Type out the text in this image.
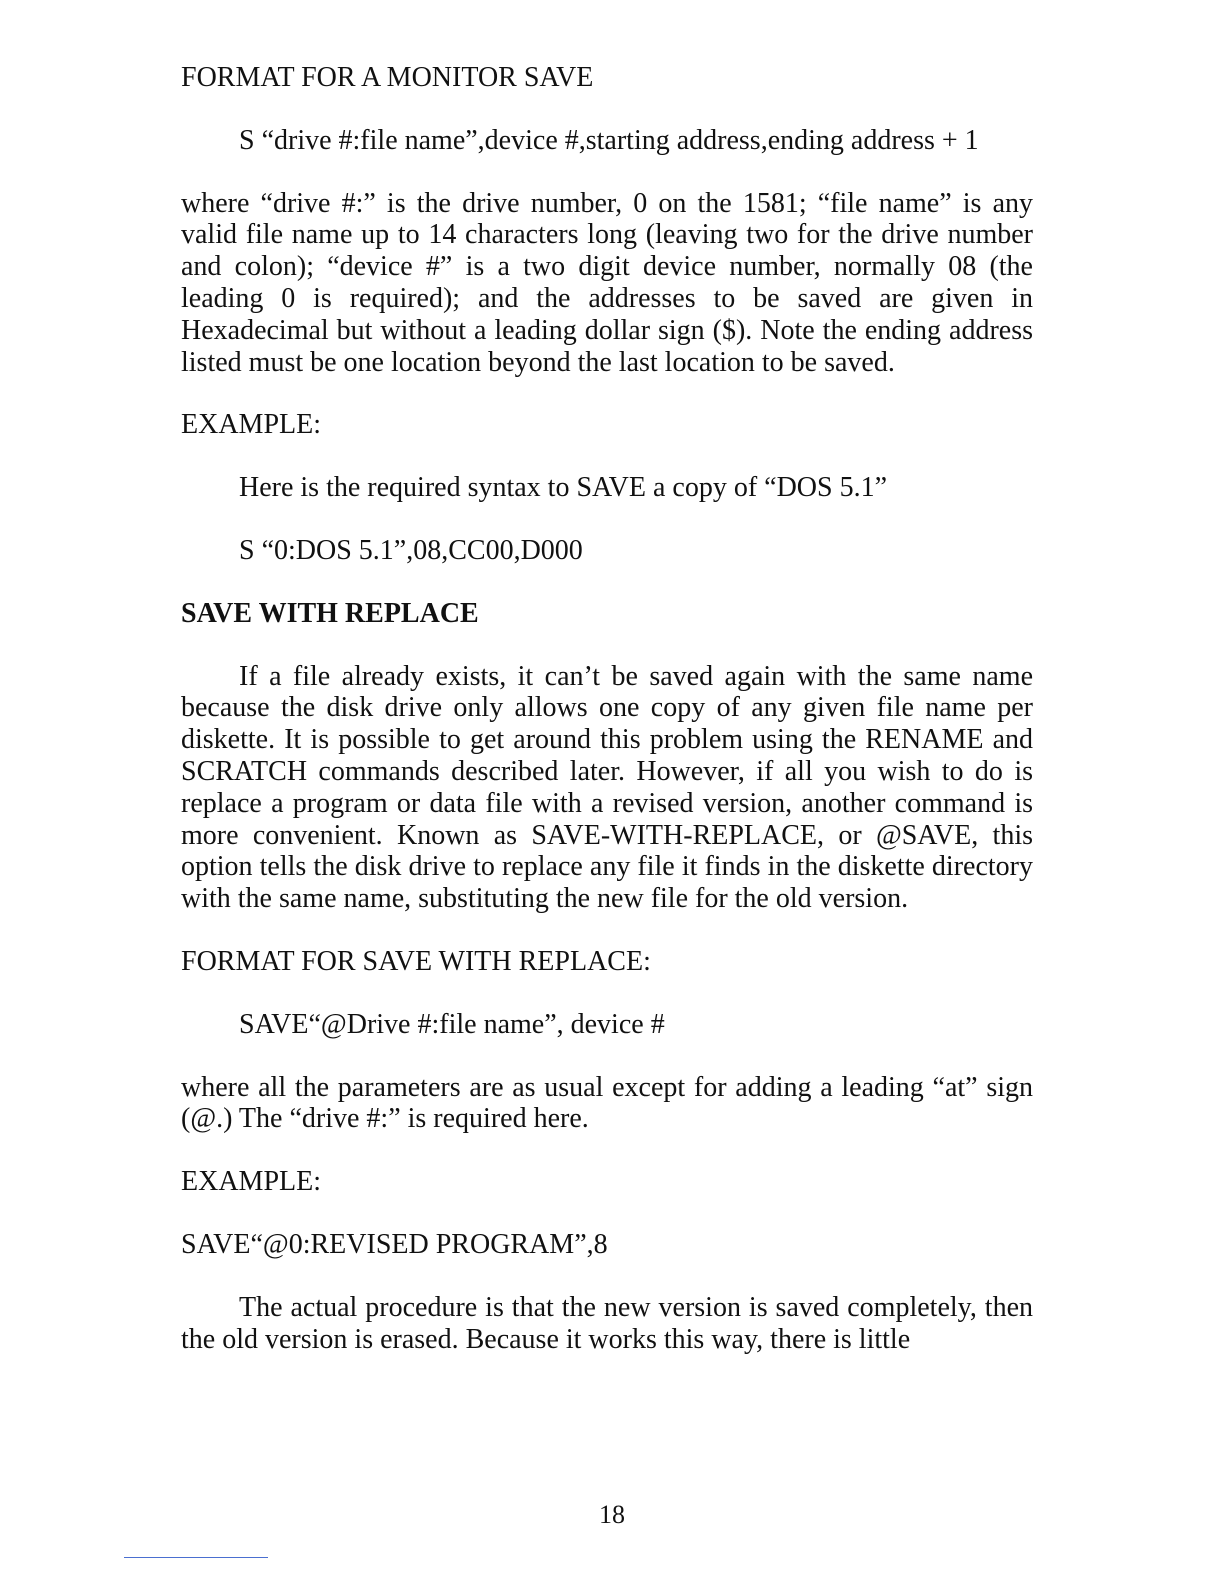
FORMAT FOR A MONITOR SAVE

S “drive #:file name”,device #,starting address,ending address + 1

where “drive #:” is the drive number, 0 on the 1581; “file name” is any valid file name up to 14 characters long (leaving two for the drive number and colon); “device #” is a two digit device number, normally 08 (the leading 0 is required); and the addresses to be saved are given in Hexadecimal but without a leading dollar sign ($). Note the ending address listed must be one location beyond the last location to be saved.

EXAMPLE:

Here is the required syntax to SAVE a copy of “DOS 5.1”

S “0:DOS 5.1”,08,CC00,D000

SAVE WITH REPLACE

If a file already exists, it can’t be saved again with the same name because the disk drive only allows one copy of any given file name per diskette. It is possible to get around this problem using the RENAME and SCRATCH commands described later. However, if all you wish to do is replace a program or data file with a revised version, another command is more convenient. Known as SAVE-WITH-REPLACE, or @SAVE, this option tells the disk drive to replace any file it finds in the diskette directory with the same name, substituting the new file for the old version.

FORMAT FOR SAVE WITH REPLACE:

SAVE“@Drive #:file name”, device #

where all the parameters are as usual except for adding a leading “at” sign (@.) The “drive #:” is required here.

EXAMPLE:

SAVE“@0:REVISED PROGRAM”,8

The actual procedure is that the new version is saved completely, then the old version is erased. Because it works this way, there is little

18
